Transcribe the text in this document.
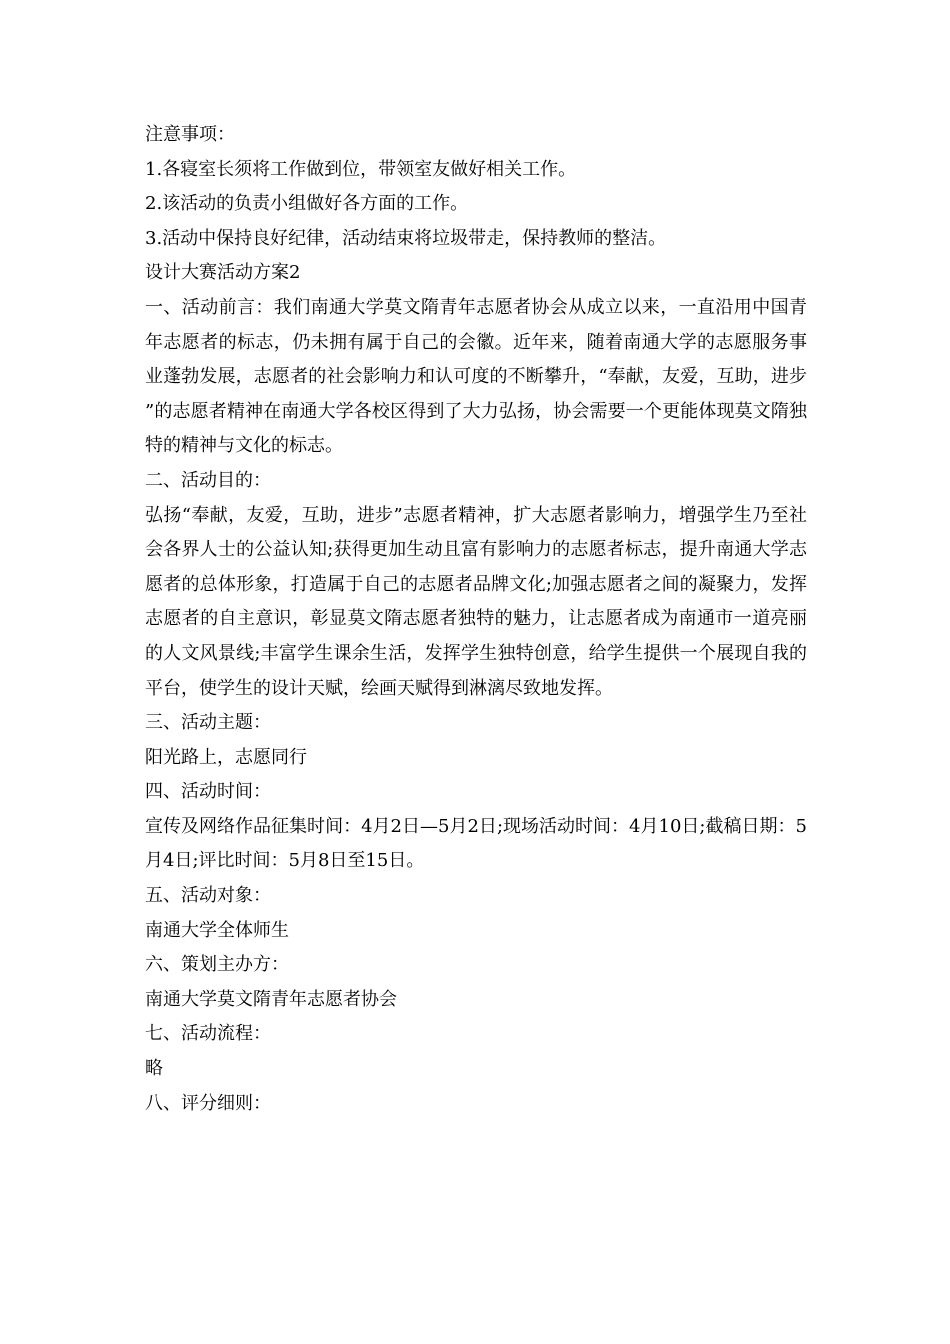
注意事项：

1.各寝室长须将工作做到位，带领室友做好相关工作。

2.该活动的负责小组做好各方面的工作。

3.活动中保持良好纪律，活动结束将垃圾带走，保持教师的整洁。

设计大赛活动方案2

一、活动前言：我们南通大学莫文隋青年志愿者协会从成立以来，一直沿用中国青年志愿者的标志，仍未拥有属于自己的会徽。近年来，随着南通大学的志愿服务事业蓬勃发展，志愿者的社会影响力和认可度的不断攀升，“奉献，友爱，互助，进步”的志愿者精神在南通大学各校区得到了大力弘扬，协会需要一个更能体现莫文隋独特的精神与文化的标志。

二、活动目的：

弘扬“奉献，友爱，互助，进步”志愿者精神，扩大志愿者影响力，增强学生乃至社会各界人士的公益认知;获得更加生动且富有影响力的志愿者标志，提升南通大学志愿者的总体形象，打造属于自己的志愿者品牌文化;加强志愿者之间的凝聚力，发挥志愿者的自主意识，彰显莫文隋志愿者独特的魅力，让志愿者成为南通市一道亮丽的人文风景线;丰富学生课余生活，发挥学生独特创意，给学生提供一个展现自我的平台，使学生的设计天赋，绘画天赋得到淋漓尽致地发挥。

三、活动主题：

阳光路上，志愿同行

四、活动时间：

宣传及网络作品征集时间：4月2日—5月2日;现场活动时间：4月10日;截稿日期：5月4日;评比时间：5月8日至15日。

五、活动对象：

南通大学全体师生

六、策划主办方：

南通大学莫文隋青年志愿者协会

七、活动流程：

略

八、评分细则：
